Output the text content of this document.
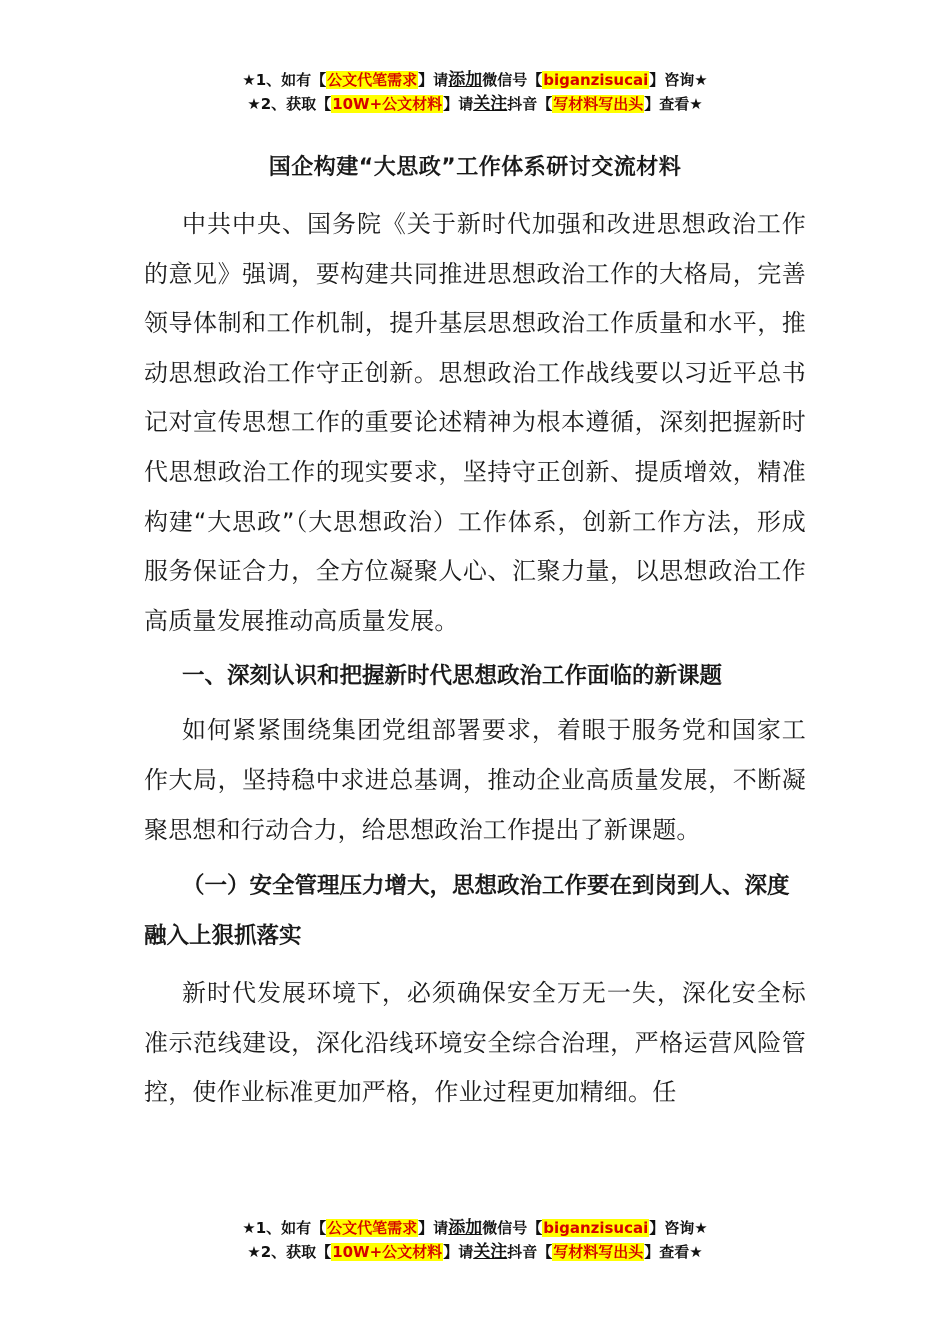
★1、如有【公文代笔需求】请添加微信号【biganzisucai】咨询★
★2、获取【10W+公文材料】请关注抖音【写材料写出头】查看★
国企构建“大思政”工作体系研讨交流材料

中共中央、国务院《关于新时代加强和改进思想政治工作的意见》强调，要构建共同推进思想政治工作的大格局，完善领导体制和工作机制，提升基层思想政治工作质量和水平，推动思想政治工作守正创新。思想政治工作战线要以习近平总书记对宣传思想工作的重要论述精神为根本遵循，深刻把握新时代思想政治工作的现实要求，坚持守正创新、提质增效，精准构建“大思政”（大思想政治）工作体系，创新工作方法，形成服务保证合力，全方位凝聚人心、汇聚力量，以思想政治工作高质量发展推动高质量发展。

一、深刻认识和把握新时代思想政治工作面临的新课题

如何紧紧围绕集团党组部署要求，着眼于服务党和国家工作大局，坚持稳中求进总基调，推动企业高质量发展，不断凝聚思想和行动合力，给思想政治工作提出了新课题。

（一）安全管理压力增大，思想政治工作要在到岗到人、深度融入上狠抓落实

新时代发展环境下，必须确保安全万无一失，深化安全标准示范线建设，深化沿线环境安全综合治理，严格运营风险管控，使作业标准更加严格，作业过程更加精细。任

★1、如有【公文代笔需求】请添加微信号【biganzisucai】咨询★
★2、获取【10W+公文材料】请关注抖音【写材料写出头】查看★
